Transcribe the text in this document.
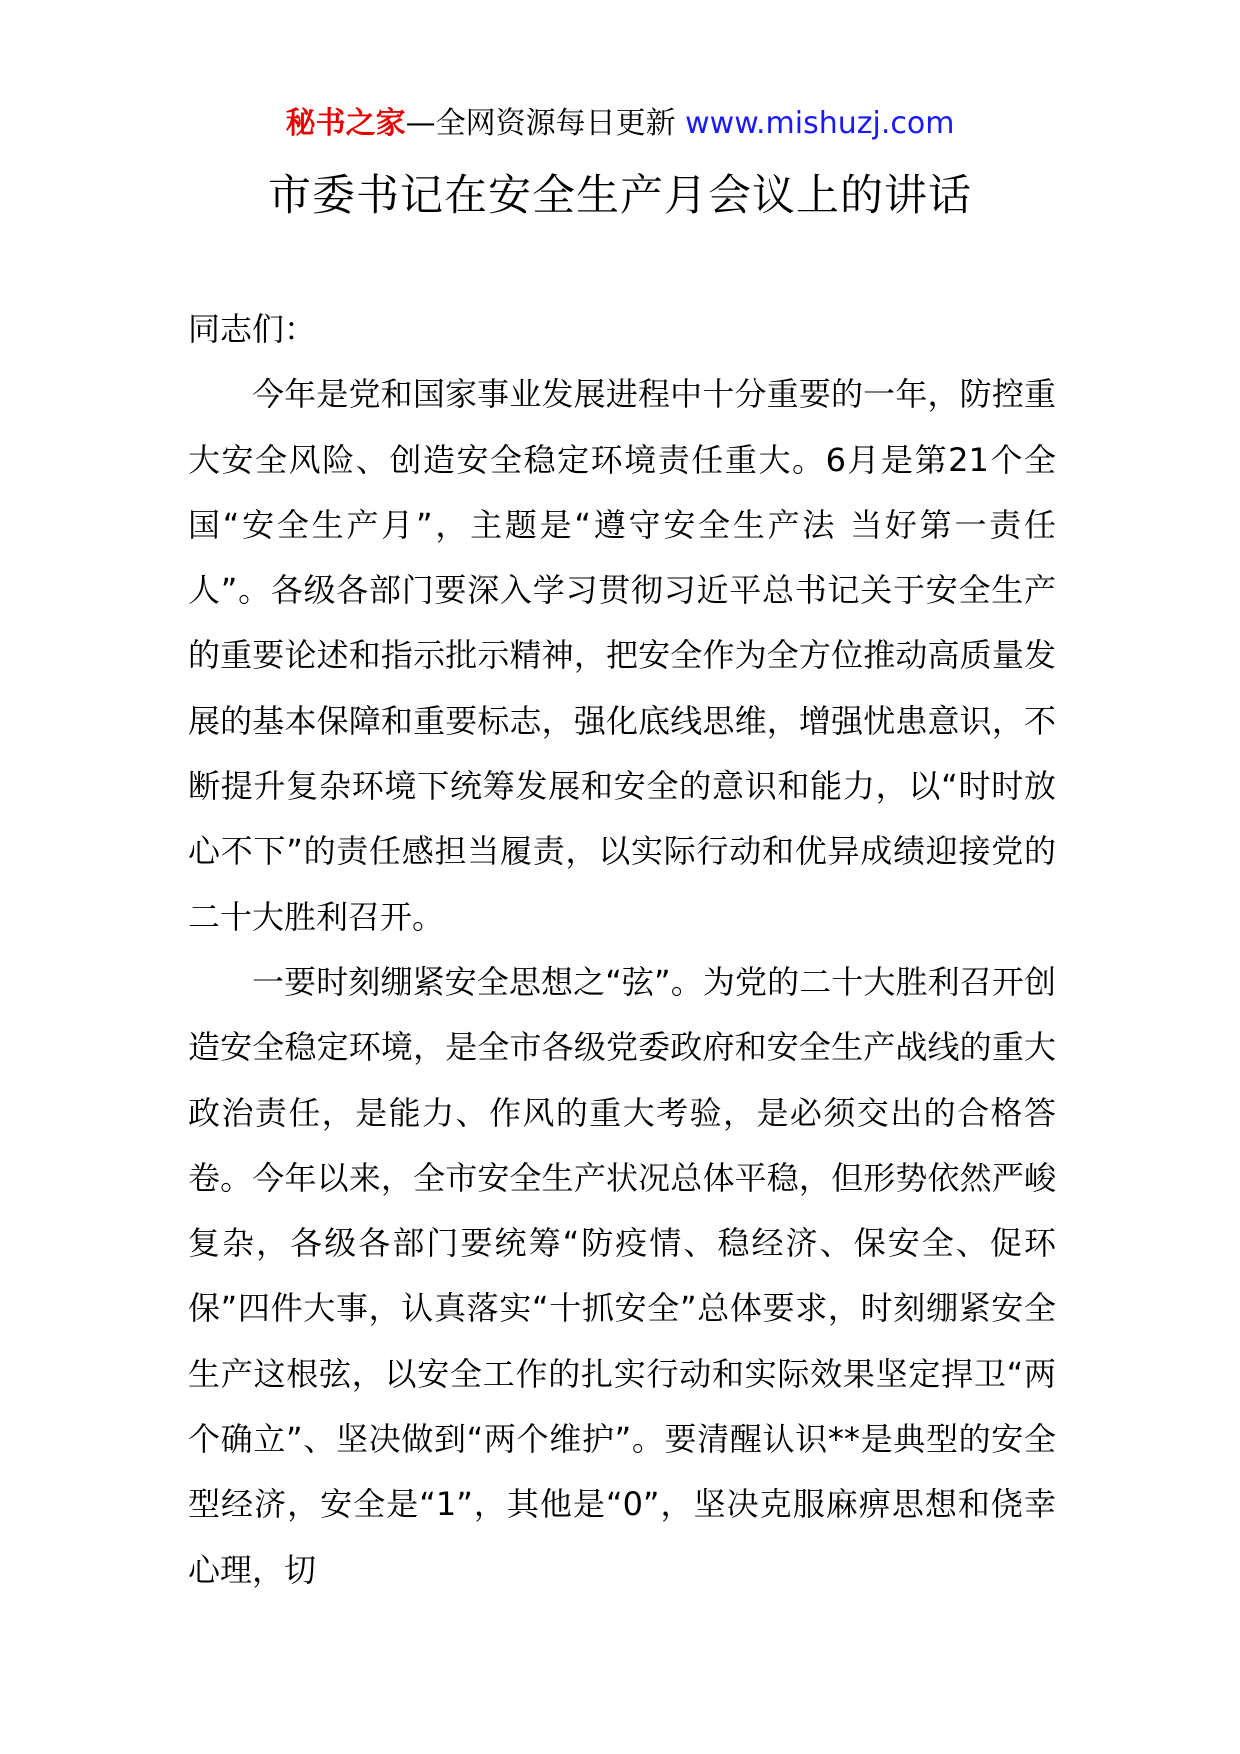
秘书之家—全网资源每日更新 www.mishuzj.com
市委书记在安全生产月会议上的讲话

同志们：

今年是党和国家事业发展进程中十分重要的一年，防控重大安全风险、创造安全稳定环境责任重大。6月是第21个全国“安全生产月”，主题是“遵守安全生产法 当好第一责任人”。各级各部门要深入学习贯彻习近平总书记关于安全生产的重要论述和指示批示精神，把安全作为全方位推动高质量发展的基本保障和重要标志，强化底线思维，增强忧患意识，不断提升复杂环境下统筹发展和安全的意识和能力，以“时时放心不下”的责任感担当履责，以实际行动和优异成绩迎接党的二十大胜利召开。

一要时刻绷紧安全思想之“弦”。为党的二十大胜利召开创造安全稳定环境，是全市各级党委政府和安全生产战线的重大政治责任，是能力、作风的重大考验，是必须交出的合格答卷。今年以来，全市安全生产状况总体平稳，但形势依然严峻复杂，各级各部门要统筹“防疫情、稳经济、保安全、促环保”四件大事，认真落实“十抓安全”总体要求，时刻绷紧安全生产这根弦，以安全工作的扎实行动和实际效果坚定捍卫“两个确立”、坚决做到“两个维护”。要清醒认识**是典型的安全型经济，安全是“1”，其他是“0”，坚决克服麻痹思想和侥幸心理，切
